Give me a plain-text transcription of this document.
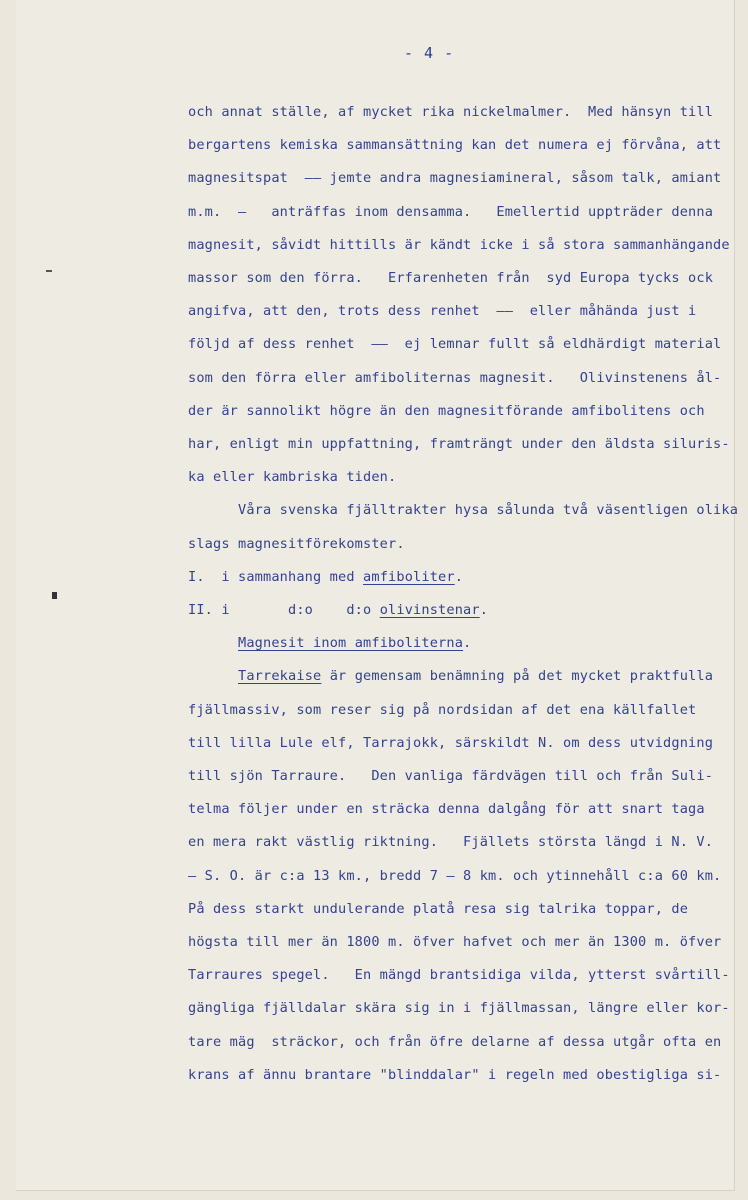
- 4 -
och annat ställe, af mycket rika nickelmalmer.  Med hänsyn till
bergartens kemiska sammansättning kan det numera ej förvåna, att
magnesitspat  —— jemte andra magnesiamineral, såsom talk, amiant
m.m.  —   anträffas inom densamma.   Emellertid uppträder denna
magnesit, såvidt hittills är kändt icke i så stora sammanhängande
massor som den förra.   Erfarenheten från  syd Europa tycks ock
angifva, att den, trots dess renhet  ——  eller måhända just i
följd af dess renhet  ——  ej lemnar fullt så eldhärdigt material
som den förra eller amfiboliternas magnesit.   Olivinstenens ål-
der är sannolikt högre än den magnesitförande amfibolitens och
har, enligt min uppfattning, framträngt under den äldsta siluris-
ka eller kambriska tiden.
Våra svenska fjälltrakter hysa sålunda två väsentligen olika
slags magnesitförekomster.
I.  i sammanhang med amfiboliter.
II. i       d:o    d:o olivinstenar.
Magnesit inom amfiboliterna.
Tarrekaise är gemensam benämning på det mycket praktfulla
fjällmassiv, som reser sig på nordsidan af det ena källfallet
till lilla Lule elf, Tarrajokk, särskildt N. om dess utvidgning
till sjön Tarraure.   Den vanliga färdvägen till och från Suli-
telma följer under en sträcka denna dalgång för att snart taga
en mera rakt västlig riktning.   Fjällets största längd i N. V.
— S. O. är c:a 13 km., bredd 7 — 8 km. och ytinnehåll c:a 60 km.
På dess starkt undulerande platå resa sig talrika toppar, de
högsta till mer än 1800 m. öfver hafvet och mer än 1300 m. öfver
Tarraures spegel.   En mängd brantsidiga vilda, ytterst svårtill-
gängliga fjälldalar skära sig in i fjällmassan, längre eller kor-
tare mäg  sträckor, och från öfre delarne af dessa utgår ofta en
krans af ännu brantare "blinddalar" i regeln med obestigliga si-
